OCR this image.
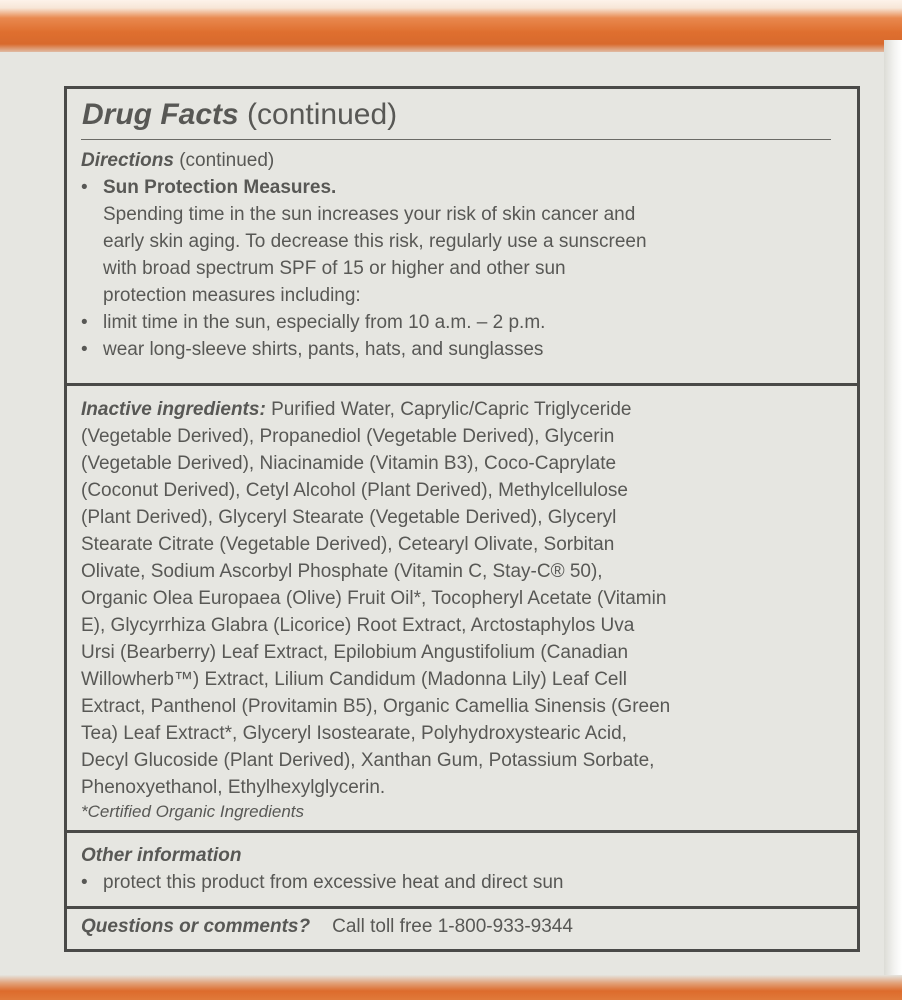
Drug Facts (continued)
Directions (continued)
• Sun Protection Measures.
Spending time in the sun increases your risk of skin cancer and
early skin aging. To decrease this risk, regularly use a sunscreen
with broad spectrum SPF of 15 or higher and other sun
protection measures including:
• limit time in the sun, especially from 10 a.m. – 2 p.m.
• wear long-sleeve shirts, pants, hats, and sunglasses
Inactive ingredients: Purified Water, Caprylic/Capric Triglyceride
(Vegetable Derived), Propanediol (Vegetable Derived), Glycerin
(Vegetable Derived), Niacinamide (Vitamin B3), Coco-Caprylate
(Coconut Derived), Cetyl Alcohol (Plant Derived), Methylcellulose
(Plant Derived), Glyceryl Stearate (Vegetable Derived), Glyceryl
Stearate Citrate (Vegetable Derived), Cetearyl Olivate, Sorbitan
Olivate, Sodium Ascorbyl Phosphate (Vitamin C, Stay-C® 50),
Organic Olea Europaea (Olive) Fruit Oil*, Tocopheryl Acetate (Vitamin
E), Glycyrrhiza Glabra (Licorice) Root Extract, Arctostaphylos Uva
Ursi (Bearberry) Leaf Extract, Epilobium Angustifolium (Canadian
Willowherb™) Extract, Lilium Candidum (Madonna Lily) Leaf Cell
Extract, Panthenol (Provitamin B5), Organic Camellia Sinensis (Green
Tea) Leaf Extract*, Glyceryl Isostearate, Polyhydroxystearic Acid,
Decyl Glucoside (Plant Derived), Xanthan Gum, Potassium Sorbate,
Phenoxyethanol, Ethylhexylglycerin.
*Certified Organic Ingredients
Other information
• protect this product from excessive heat and direct sun
Questions or comments? Call toll free 1-800-933-9344
